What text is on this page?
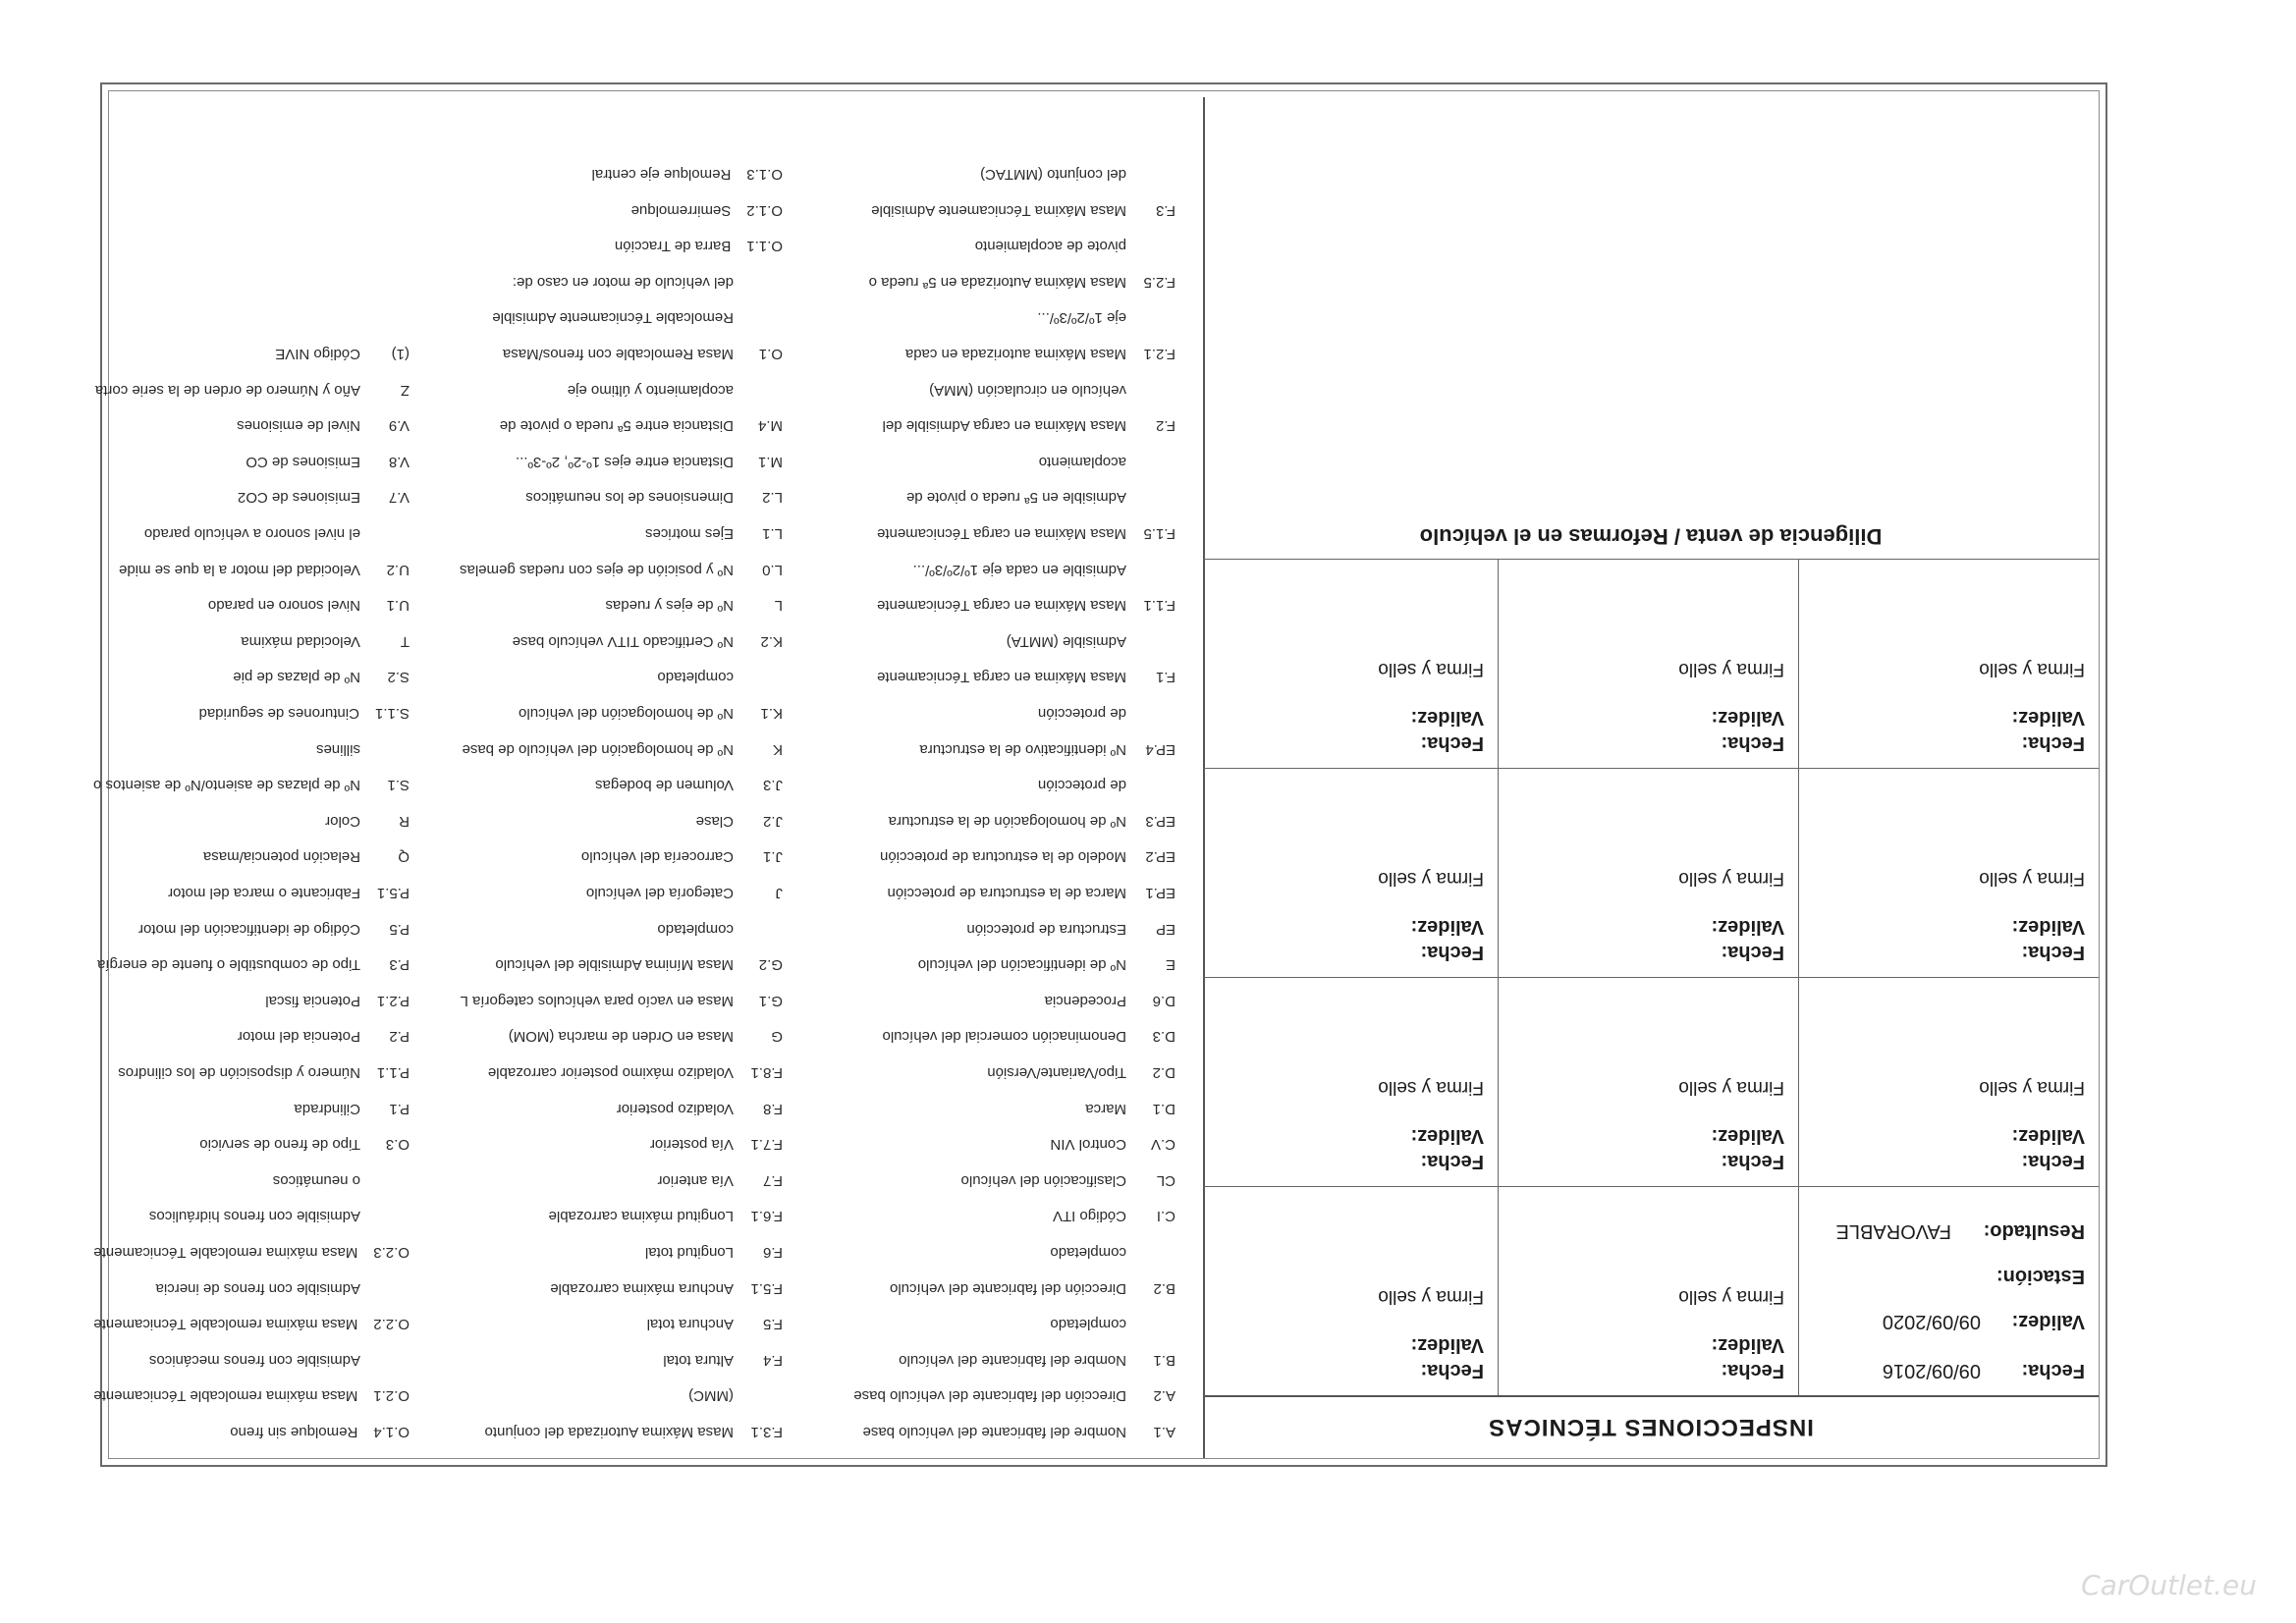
INSPECCIONES TÉCNICAS
Fecha:
09/09/2016
Validez:
09/09/2020
Estación:
Resultado:
FAVORABLE
Fecha:
Validez:
Firma y sello
Fecha:
Validez:
Firma y sello
Fecha:
Validez:
Firma y sello
Fecha:
Validez:
Firma y sello
Fecha:
Validez:
Firma y sello
Fecha:
Validez:
Firma y sello
Fecha:
Validez:
Firma y sello
Fecha:
Validez:
Firma y sello
Fecha:
Validez:
Firma y sello
Fecha:
Validez:
Firma y sello
Fecha:
Validez:
Firma y sello
Diligencia de venta / Reformas en el vehículo
A.1Nombre del fabricante del vehículo base
A.2Dirección del fabricante del vehículo base
B.1Nombre del fabricante del vehículo
completado
B.2Dirección del fabricante del vehículo
completado
C.ICódigo ITV
CLClasificación del vehículo
C.VControl VIN
D.1Marca
D.2Tipo/Variante/Versión
D.3Denominación comercial del vehículo
D.6Procedencia
ENº de identificación del vehículo
EPEstructura de protección
EP.1Marca de la estructura de protección
EP.2Modelo de la estructura de protección
EP.3Nº de homologación de la estructura
de protección
EP.4Nº identificativo de la estructura
de protección
F.1Masa Máxima en carga Técnicamente
Admisible (MMTA)
F.1.1Masa Máxima en carga Técnicamente
Admisible en cada eje 1º/2º/3º/...
F.1.5Masa Máxima en carga Técnicamente
Admisible en 5ª rueda o pivote de
acoplamiento
F.2Masa Máxima en carga Admisible del
vehículo en circulación (MMA)
F.2.1Masa Máxima autorizada en cada
eje 1º/2º/3º/...
F.2.5Masa Máxima Autorizada en 5ª rueda o
pivote de acoplamiento
F.3Masa Máxima Técnicamente Admisible
del conjunto (MMTAC)
F.3.1Masa Máxima Autorizada del conjunto
(MMC)
F.4Altura total
F.5Anchura total
F.5.1Anchura máxima carrozable
F.6Longitud total
F.6.1Longitud máxima carrozable
F.7Vía anterior
F.7.1Vía posterior
F.8Voladizo posterior
F.8.1Voladizo máximo posterior carrozable
GMasa en Orden de marcha (MOM)
G.1Masa en vacío para vehículos categoría L
G.2Masa Mínima Admisible del vehículo
completado
JCategoría del vehículo
J.1Carrocería del vehículo
J.2Clase
J.3Volumen de bodegas
KNº de homologación del vehículo de base
K.1Nº de homologación del vehículo
completado
K.2Nº Certificado TITV vehículo base
LNº de ejes y ruedas
L.0Nº y posición de ejes con ruedas gemelas
L.1Ejes motrices
L.2Dimensiones de los neumáticos
M.1Distancia entre ejes 1º-2º, 2º-3º...
M.4Distancia entre 5ª rueda o pivote de
acoplamiento y último eje
O.1Masa Remolcable con frenos/Masa
Remolcable Técnicamente Admisible
del vehículo de motor en caso de:
O.1.1Barra de Tracción
O.1.2Semirremolque
O.1.3Remolque eje central
O.1.4Remolque sin freno
O.2.1Masa máxima remolcable Técnicamente
Admisible con frenos mecánicos
O.2.2Masa máxima remolcable Técnicamente
Admisible con frenos de inercia
O.2.3Masa máxima remolcable Técnicamente
Admisible con frenos hidráulicos
o neumáticos
O.3Tipo de freno de servicio
P.1Cilindrada
P.1.1Número y disposición de los cilindros
P.2Potencia del motor
P.2.1Potencia fiscal
P.3Tipo de combustible o fuente de energía
P.5Código de identificación del motor
P.5.1Fabricante o marca del motor
QRelación potencia/masa
RColor
S.1Nº de plazas de asiento/Nº de asientos o
sillines
S.1.1Cinturones de seguridad
S.2Nº de plazas de pie
TVelocidad máxima
U.1Nivel sonoro en parado
U.2Velocidad del motor a la que se mide
el nivel sonoro a vehículo parado
V.7Emisiones de CO2
V.8Emisiones de CO
V.9Nivel de emisiones
ZAño y Número de orden de la serie corta
(1)Código NIVE
CarOutlet.eu
